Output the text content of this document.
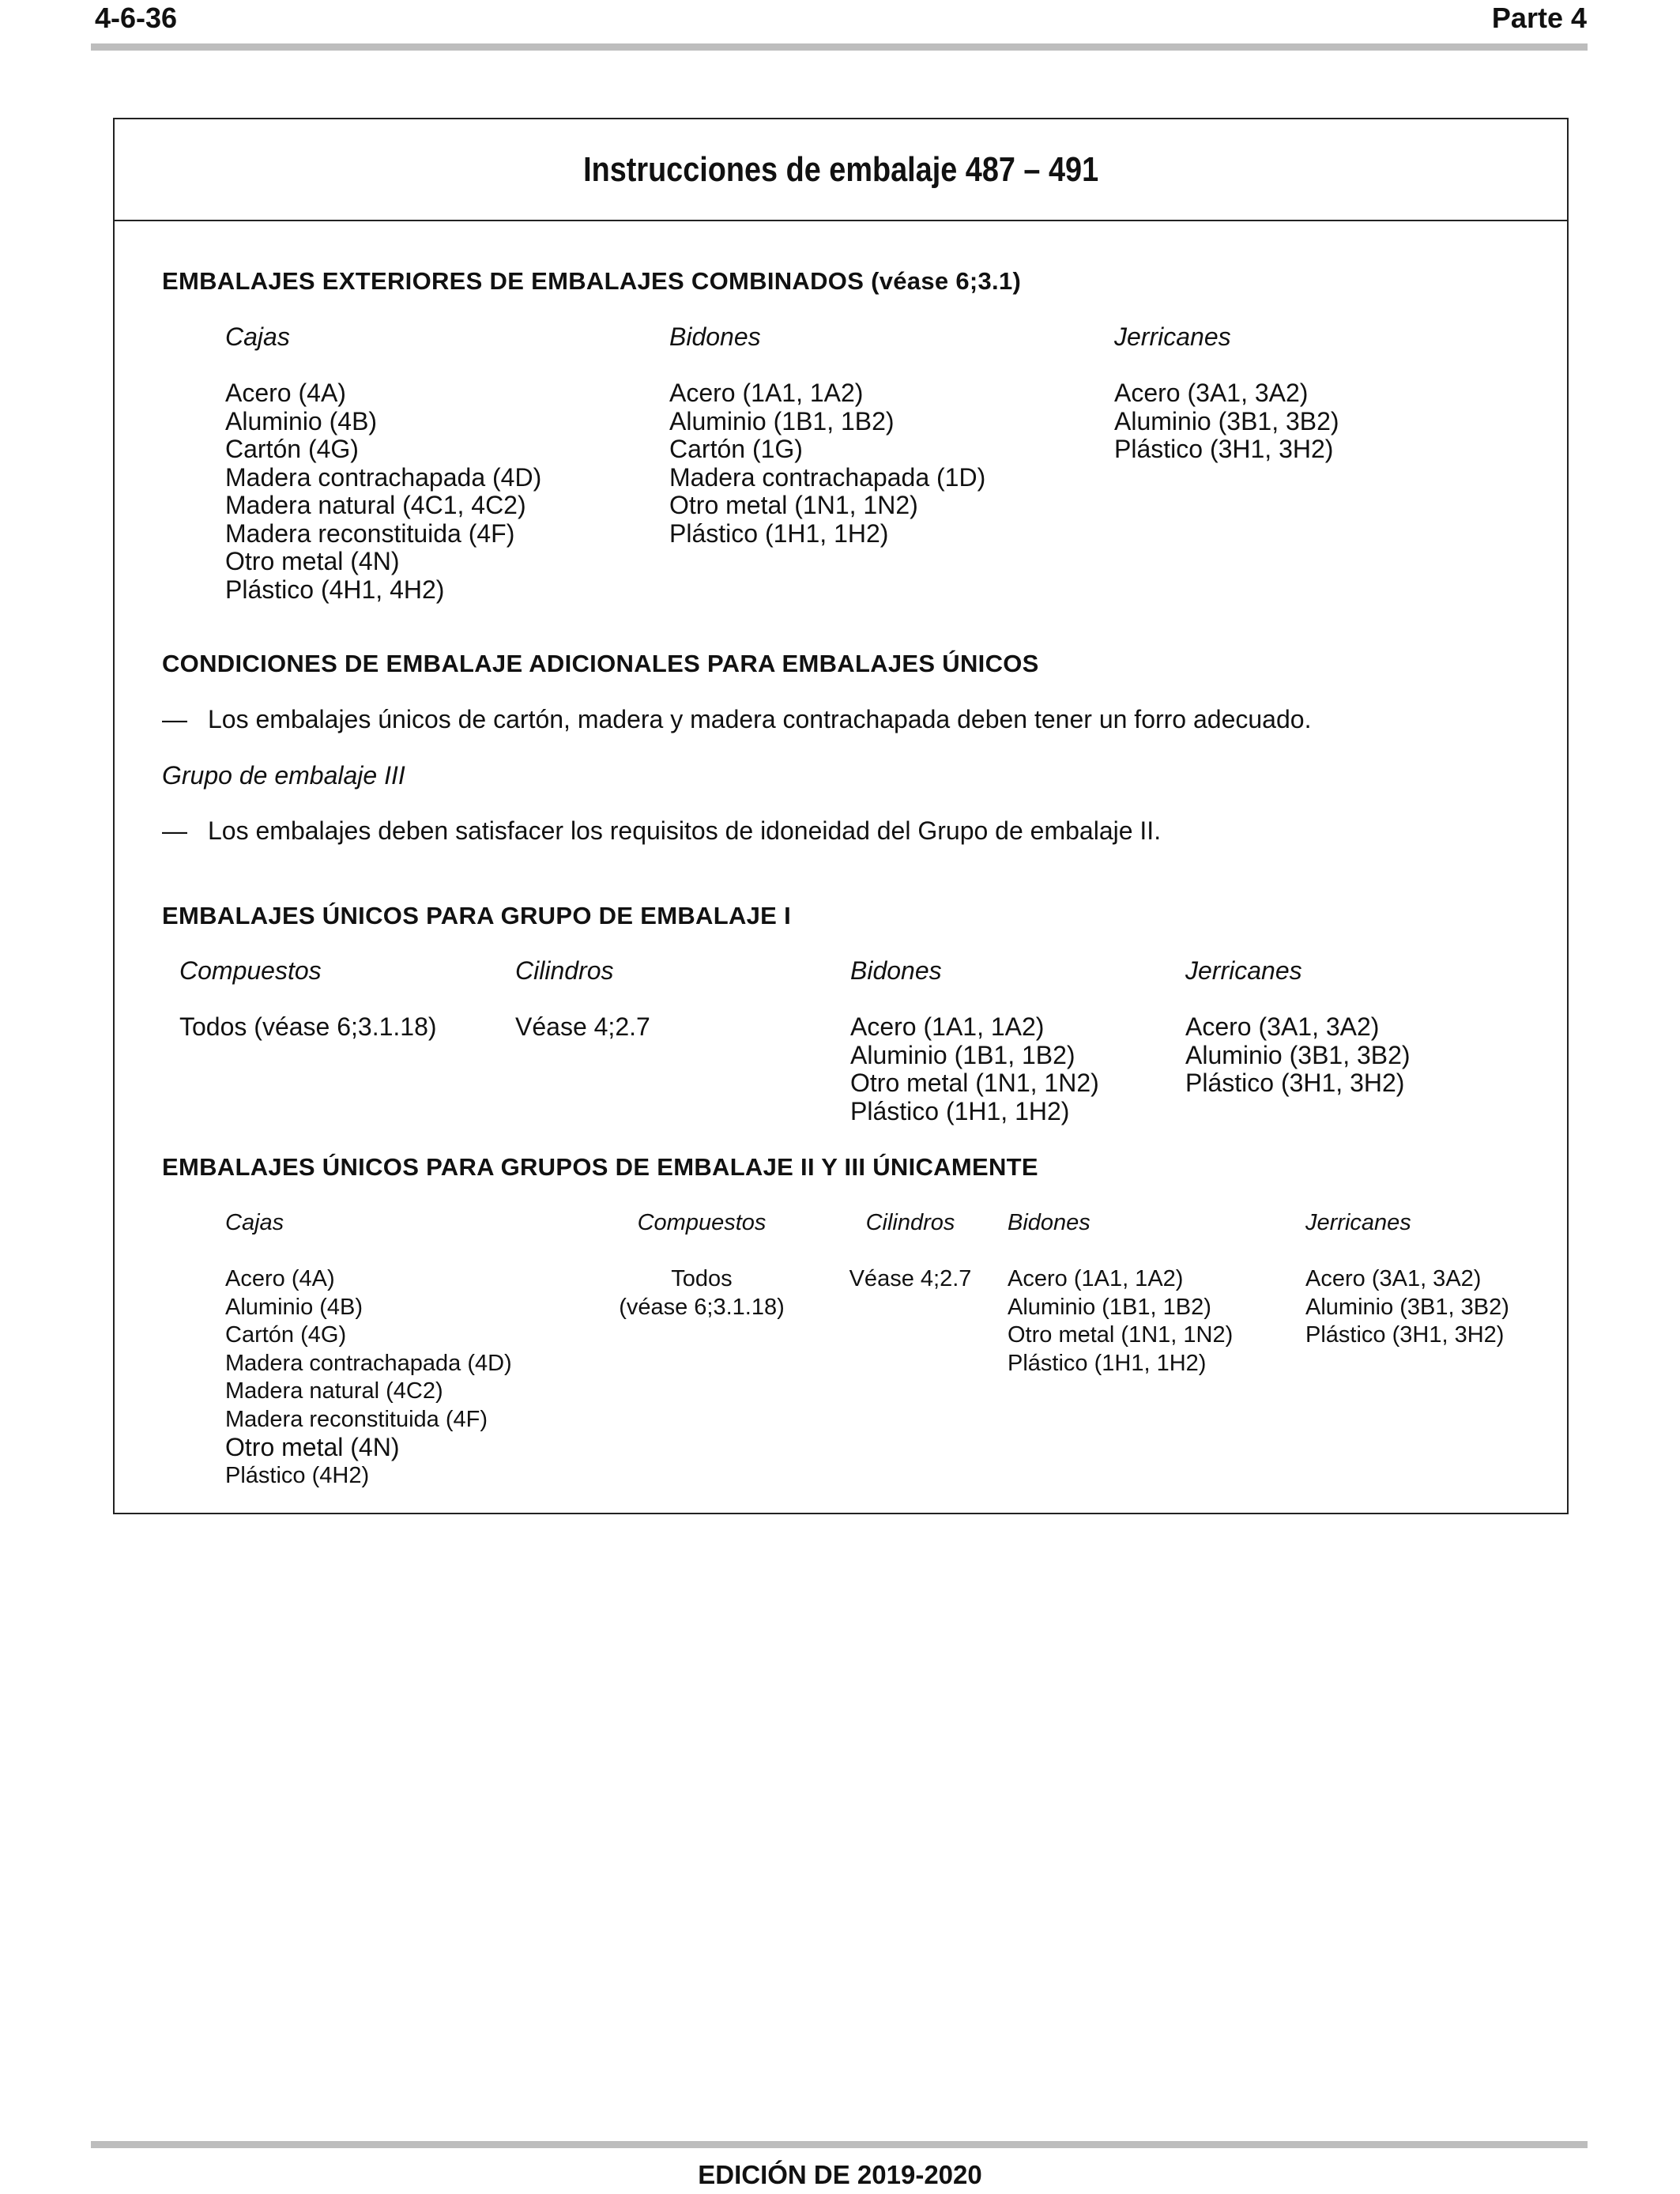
4-6-36	Parte 4
Instrucciones de embalaje 487 – 491
EMBALAJES EXTERIORES DE EMBALAJES COMBINADOS (véase 6;3.1)
Cajas
Acero (4A)
Aluminio (4B)
Cartón (4G)
Madera contrachapada (4D)
Madera natural (4C1, 4C2)
Madera reconstituida (4F)
Otro metal (4N)
Plástico (4H1, 4H2)
Bidones
Acero (1A1, 1A2)
Aluminio (1B1, 1B2)
Cartón (1G)
Madera contrachapada (1D)
Otro metal (1N1, 1N2)
Plástico (1H1, 1H2)
Jerricanes
Acero (3A1, 3A2)
Aluminio (3B1, 3B2)
Plástico (3H1, 3H2)
CONDICIONES DE EMBALAJE ADICIONALES PARA EMBALAJES ÚNICOS
— Los embalajes únicos de cartón, madera y madera contrachapada deben tener un forro adecuado.
Grupo de embalaje III
— Los embalajes deben satisfacer los requisitos de idoneidad del Grupo de embalaje II.
EMBALAJES ÚNICOS PARA GRUPO DE EMBALAJE I
Compuestos
Todos (véase 6;3.1.18)
Cilindros
Véase 4;2.7
Bidones
Acero (1A1, 1A2)
Aluminio (1B1, 1B2)
Otro metal (1N1, 1N2)
Plástico (1H1, 1H2)
Jerricanes
Acero (3A1, 3A2)
Aluminio (3B1, 3B2)
Plástico (3H1, 3H2)
EMBALAJES ÚNICOS PARA GRUPOS DE EMBALAJE II Y III ÚNICAMENTE
Cajas
Acero (4A)
Aluminio (4B)
Cartón (4G)
Madera contrachapada (4D)
Madera natural (4C2)
Madera reconstituida (4F)
Otro metal (4N)
Plástico (4H2)
Compuestos
Todos
(véase 6;3.1.18)
Cilindros
Véase 4;2.7
Bidones
Acero (1A1, 1A2)
Aluminio (1B1, 1B2)
Otro metal (1N1, 1N2)
Plástico (1H1, 1H2)
Jerricanes
Acero (3A1, 3A2)
Aluminio (3B1, 3B2)
Plástico (3H1, 3H2)
EDICIÓN DE 2019-2020
